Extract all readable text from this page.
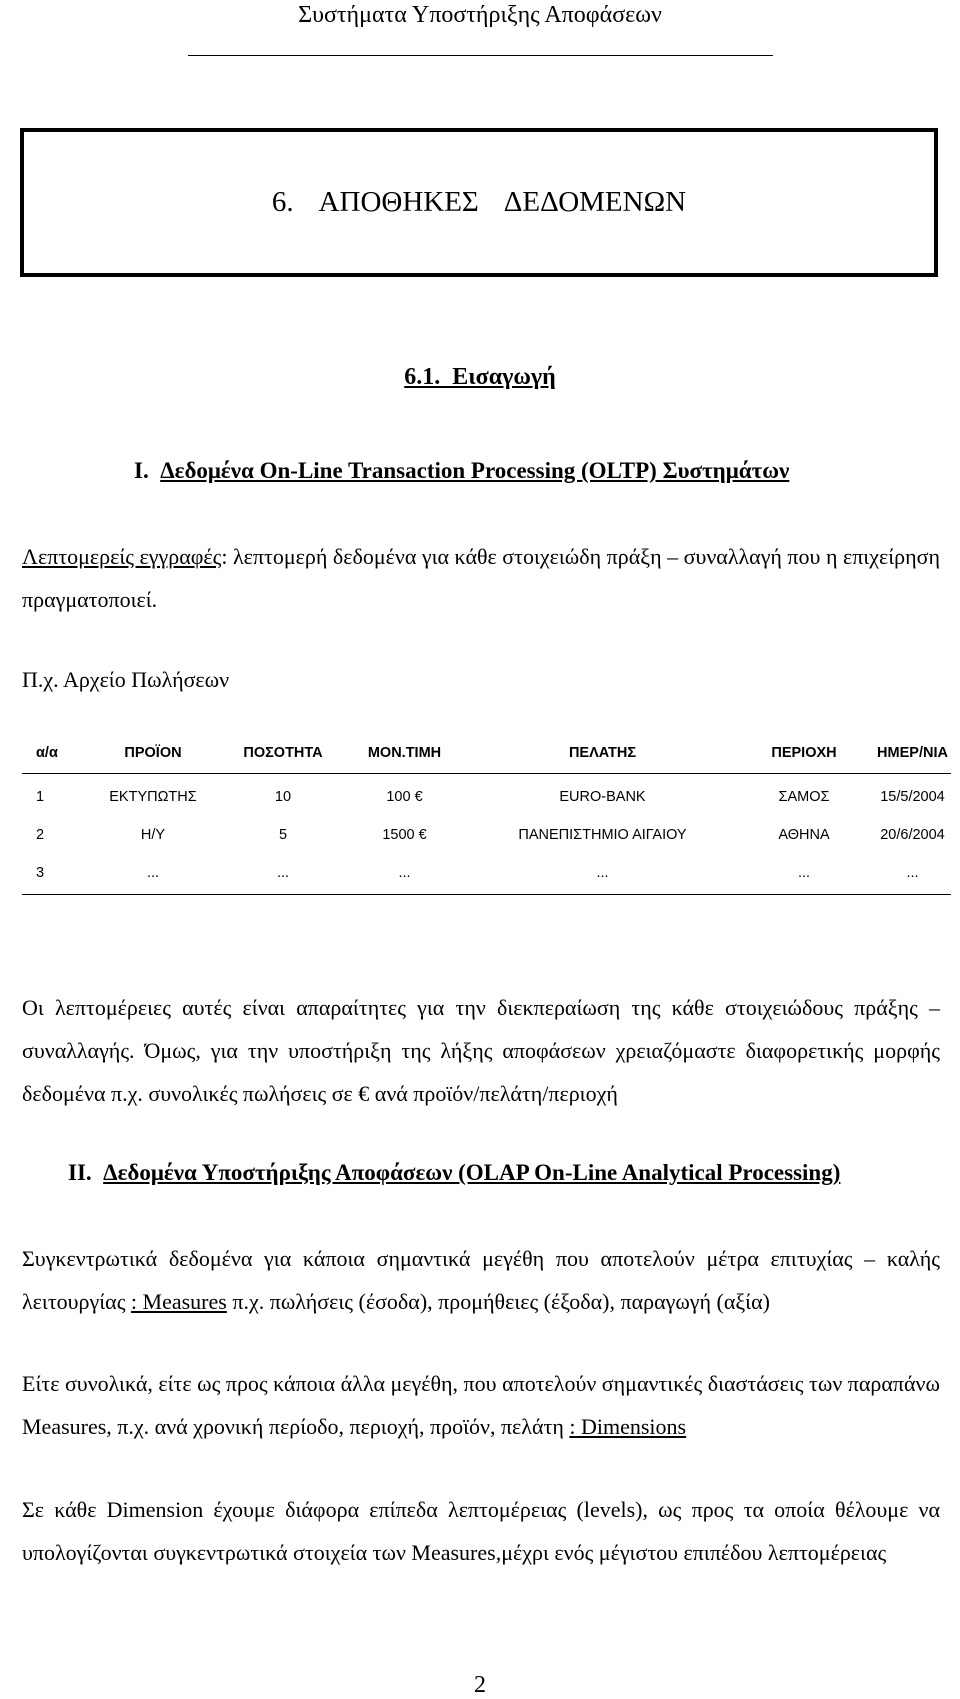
Συστήματα Υποστήριξης Αποφάσεων
6.  ΑΠΟΘΗΚΕΣ  ΔΕΔΟΜΕΝΩΝ
6.1.  Εισαγωγή
I. Δεδομένα On-Line Transaction Processing (OLTP) Συστημάτων
Λεπτομερείς εγγραφές: λεπτομερή δεδομένα για κάθε στοιχειώδη πράξη – συναλλαγή που η επιχείρηση πραγματοποιεί.
Π.χ. Αρχείο Πωλήσεων
α/α	ΠΡΟΪΟΝ	ΠΟΣΟΤΗΤΑ	ΜΟΝ.ΤΙΜΗ	ΠΕΛΑΤΗΣ	ΠΕΡΙΟΧΗ	ΗΜΕΡ/ΝΙΑ
1	ΕΚΤΥΠΩΤΗΣ	10	100 €	EURO-BANK	ΣΑΜΟΣ	15/5/2004
2	Η/Υ	5	1500 €	ΠΑΝΕΠΙΣΤΗΜΙΟ ΑΙΓΑΙΟΥ	ΑΘΗΝΑ	20/6/2004
3	...	...	...	...	...	...
Οι λεπτομέρειες αυτές είναι απαραίτητες για την διεκπεραίωση της κάθε στοιχειώδους πράξης – συναλλαγής. Όμως, για την υποστήριξη της λήξης αποφάσεων χρειαζόμαστε διαφορετικής μορφής δεδομένα π.χ. συνολικές πωλήσεις σε € ανά προϊόν/πελάτη/περιοχή
II. Δεδομένα Υποστήριξης Αποφάσεων (OLAP On-Line Analytical Processing)
Συγκεντρωτικά δεδομένα για κάποια σημαντικά μεγέθη που αποτελούν μέτρα επιτυχίας – καλής λειτουργίας : Measures π.χ. πωλήσεις (έσοδα), προμήθειες (έξοδα), παραγωγή (αξία)
Είτε συνολικά, είτε ως προς κάποια άλλα μεγέθη, που αποτελούν σημαντικές διαστάσεις των παραπάνω Measures, π.χ. ανά χρονική περίοδο, περιοχή, προϊόν, πελάτη : Dimensions
Σε κάθε Dimension έχουμε διάφορα επίπεδα λεπτομέρειας (levels), ως προς τα οποία θέλουμε να υπολογίζονται συγκεντρωτικά στοιχεία των Measures,μέχρι ενός μέγιστου επιπέδου λεπτομέρειας
2
